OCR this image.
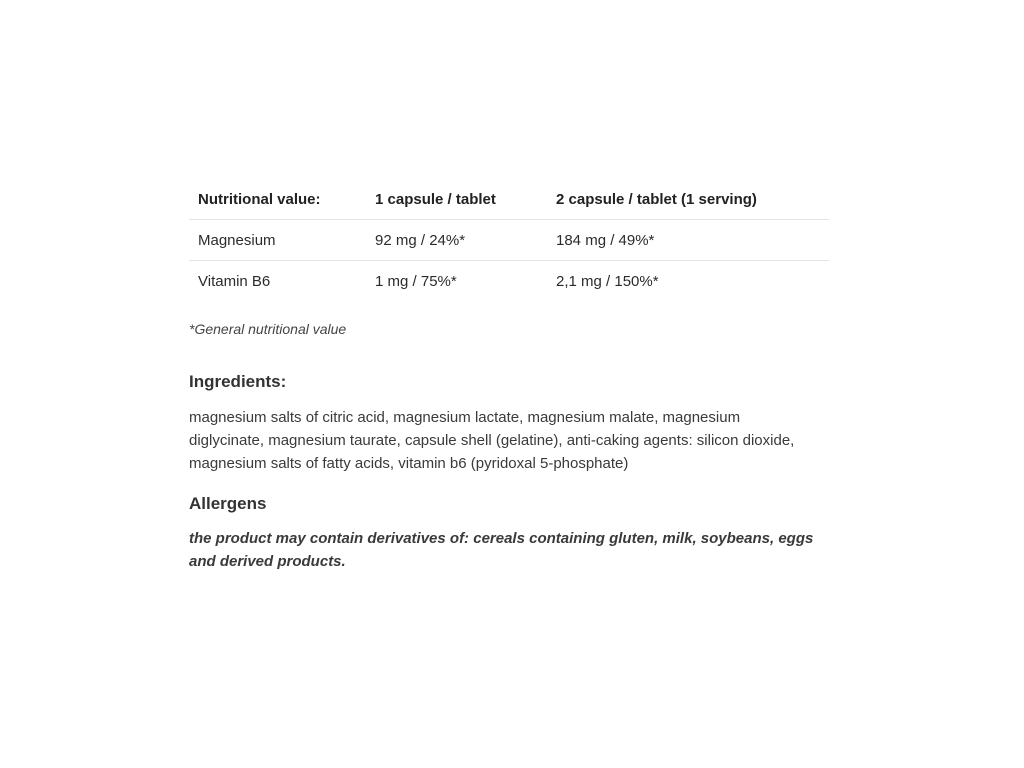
Nutritional value:	1 capsule / tablet	2 capsule / tablet (1 serving)
Magnesium	92 mg / 24%*	184 mg / 49%*
Vitamin B6	1 mg / 75%*	2,1 mg / 150%*
*General nutritional value
Ingredients:

magnesium salts of citric acid, magnesium lactate, magnesium malate, magnesium diglycinate, magnesium taurate, capsule shell (gelatine), anti-caking agents: silicon dioxide, magnesium salts of fatty acids, vitamin b6 (pyridoxal 5-phosphate)

Allergens

the product may contain derivatives of: cereals containing gluten, milk, soybeans, eggs and derived products.
